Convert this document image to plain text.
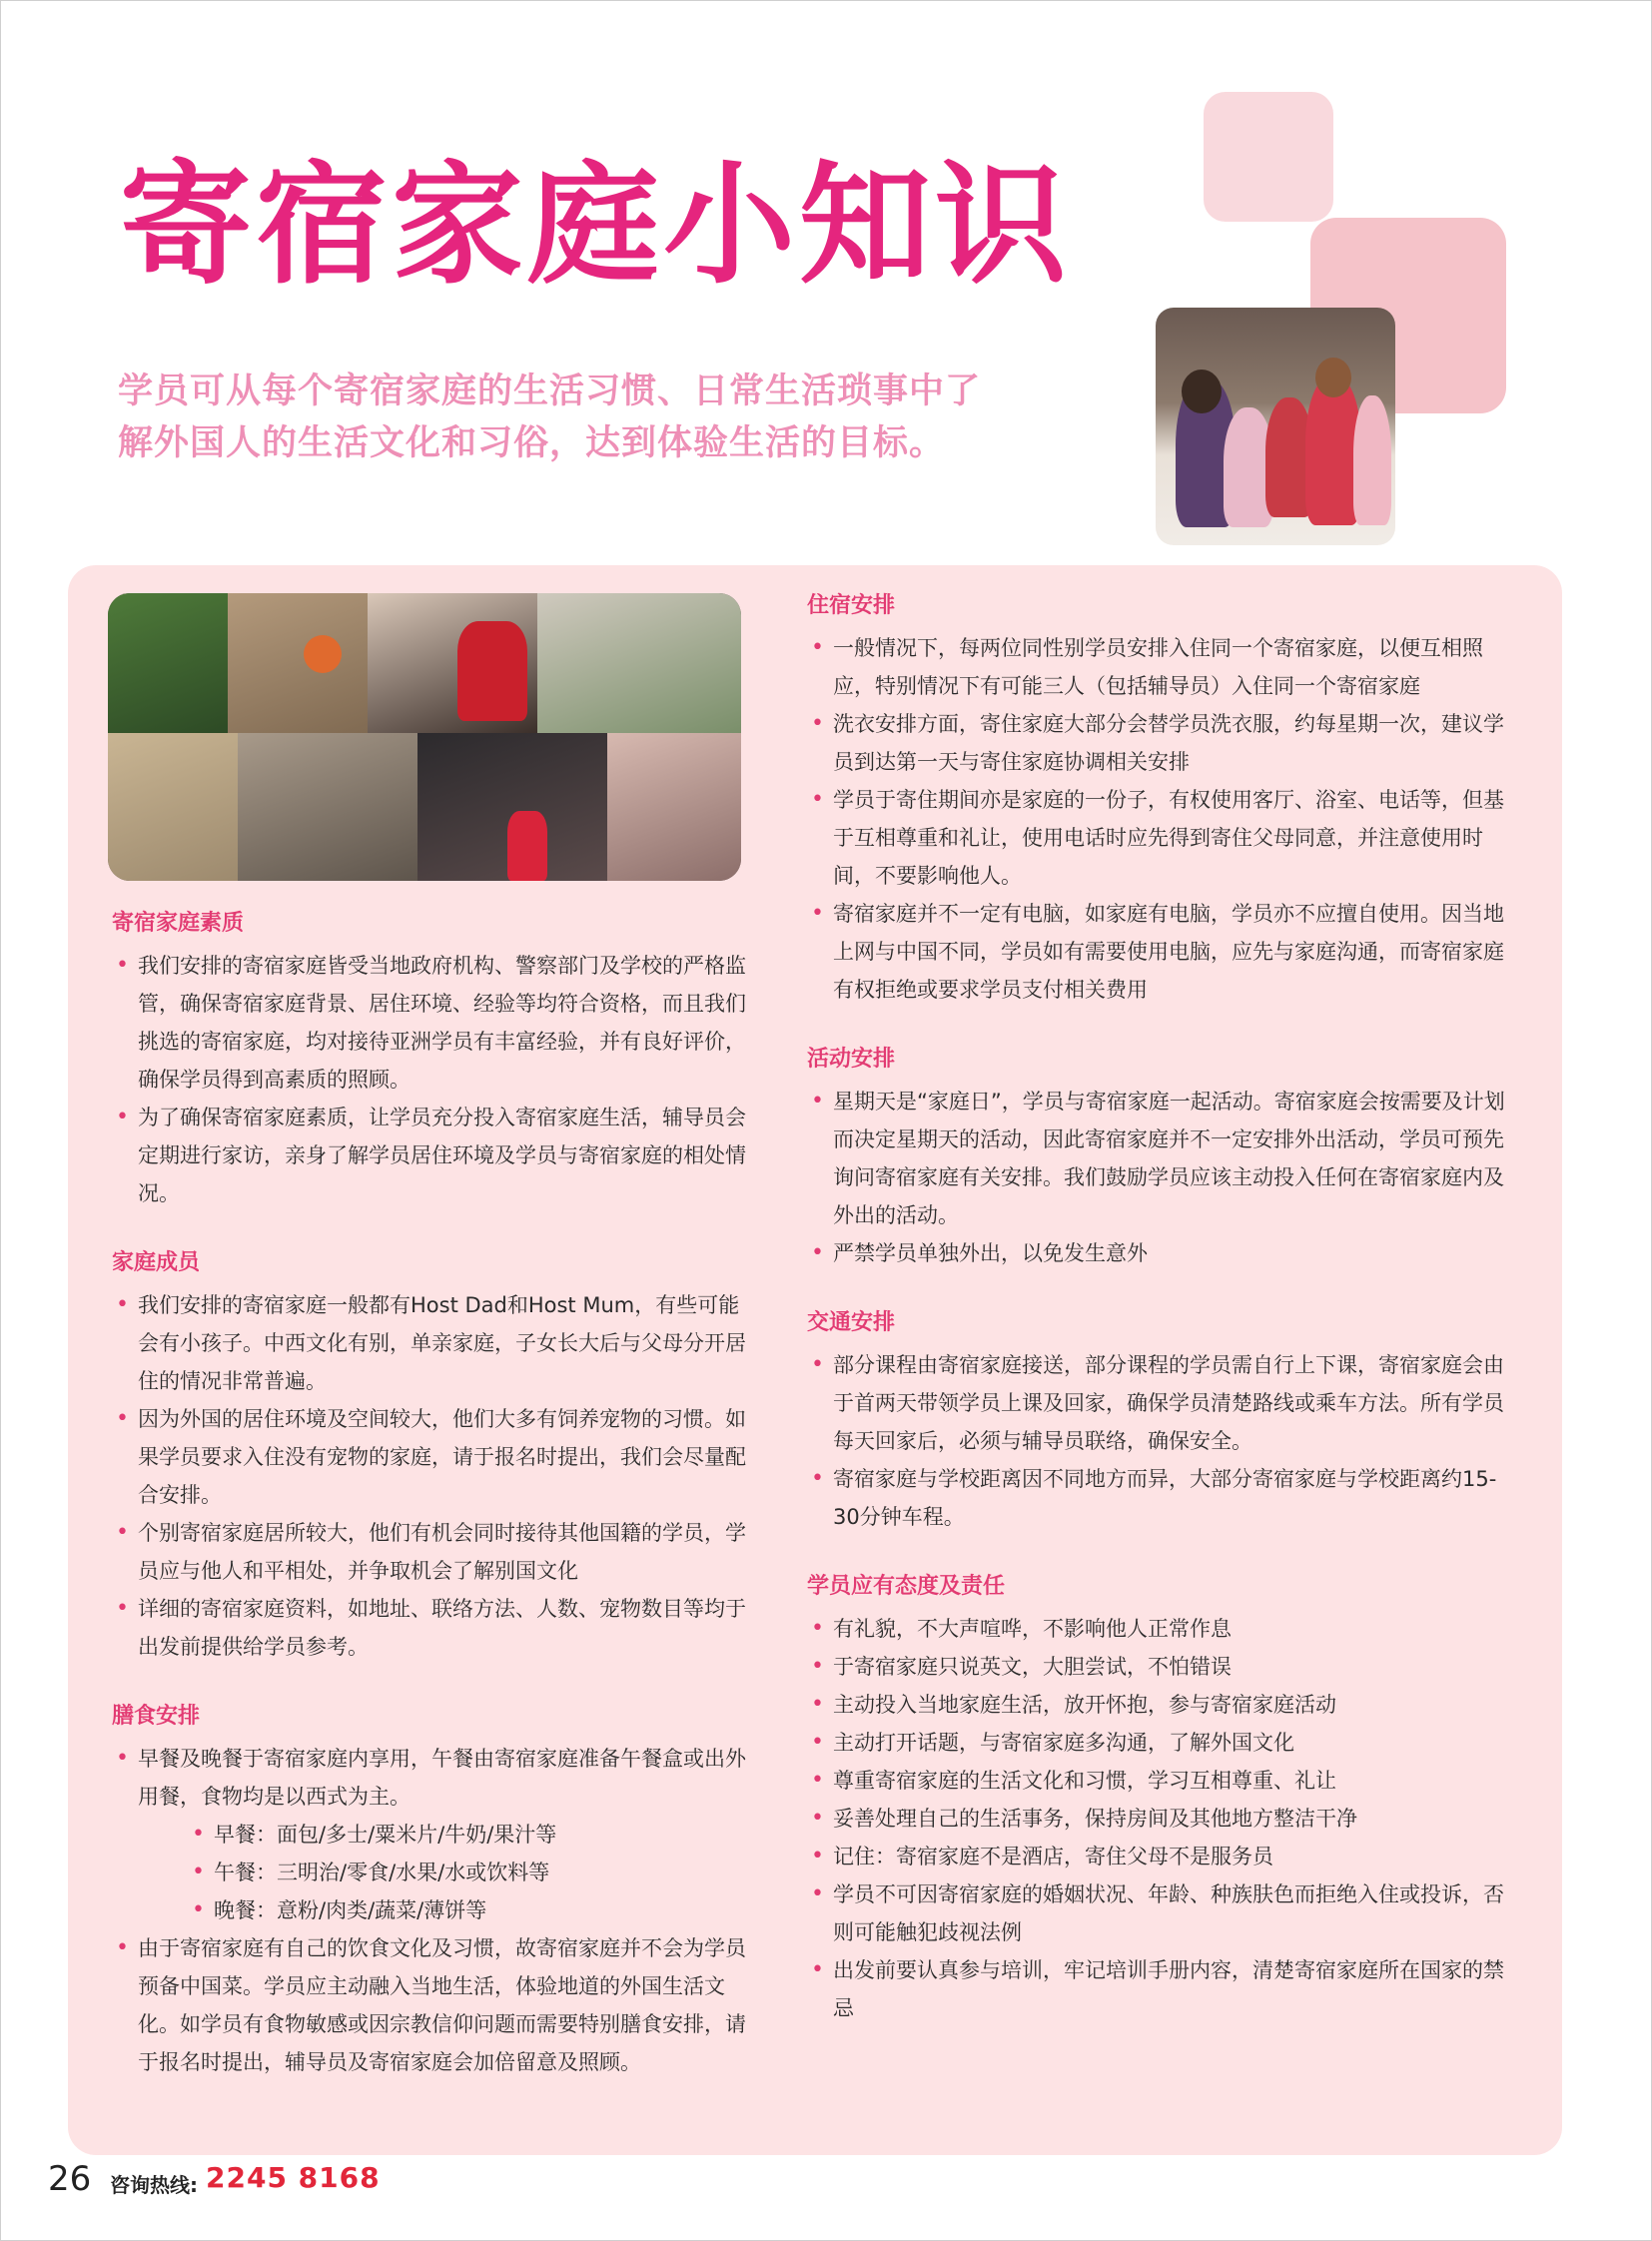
寄宿家庭小知识
学员可从每个寄宿家庭的生活习惯、日常生活琐事中了
解外国人的生活文化和习俗，达到体验生活的目标。
寄宿家庭素质
• 我们安排的寄宿家庭皆受当地政府机构、警察部门及学校的严格监管，确保寄宿家庭背景、居住环境、经验等均符合资格，而且我们挑选的寄宿家庭，均对接待亚洲学员有丰富经验，并有良好评价，确保学员得到高素质的照顾。
• 为了确保寄宿家庭素质，让学员充分投入寄宿家庭生活，辅导员会定期进行家访，亲身了解学员居住环境及学员与寄宿家庭的相处情况。
家庭成员
• 我们安排的寄宿家庭一般都有Host Dad和Host Mum，有些可能会有小孩子。中西文化有别，单亲家庭，子女长大后与父母分开居住的情况非常普遍。
• 因为外国的居住环境及空间较大，他们大多有饲养宠物的习惯。如果学员要求入住没有宠物的家庭，请于报名时提出，我们会尽量配合安排。
• 个别寄宿家庭居所较大，他们有机会同时接待其他国籍的学员，学员应与他人和平相处，并争取机会了解别国文化
• 详细的寄宿家庭资料，如地址、联络方法、人数、宠物数目等均于出发前提供给学员参考。
膳食安排
• 早餐及晚餐于寄宿家庭内享用，午餐由寄宿家庭准备午餐盒或出外用餐，食物均是以西式为主。
• 早餐：面包/多士/粟米片/牛奶/果汁等
• 午餐：三明治/零食/水果/水或饮料等
• 晚餐：意粉/肉类/蔬菜/薄饼等
• 由于寄宿家庭有自己的饮食文化及习惯，故寄宿家庭并不会为学员预备中国菜。学员应主动融入当地生活，体验地道的外国生活文化。如学员有食物敏感或因宗教信仰问题而需要特别膳食安排，请于报名时提出，辅导员及寄宿家庭会加倍留意及照顾。
住宿安排
• 一般情况下，每两位同性别学员安排入住同一个寄宿家庭，以便互相照应，特别情况下有可能三人（包括辅导员）入住同一个寄宿家庭
• 洗衣安排方面，寄住家庭大部分会替学员洗衣服，约每星期一次，建议学员到达第一天与寄住家庭协调相关安排
• 学员于寄住期间亦是家庭的一份子，有权使用客厅、浴室、电话等，但基于互相尊重和礼让，使用电话时应先得到寄住父母同意，并注意使用时间，不要影响他人。
• 寄宿家庭并不一定有电脑，如家庭有电脑，学员亦不应擅自使用。因当地上网与中国不同，学员如有需要使用电脑，应先与家庭沟通，而寄宿家庭有权拒绝或要求学员支付相关费用
活动安排
• 星期天是“家庭日”，学员与寄宿家庭一起活动。寄宿家庭会按需要及计划而决定星期天的活动，因此寄宿家庭并不一定安排外出活动，学员可预先询问寄宿家庭有关安排。我们鼓励学员应该主动投入任何在寄宿家庭内及外出的活动。
• 严禁学员单独外出，以免发生意外
交通安排
• 部分课程由寄宿家庭接送，部分课程的学员需自行上下课，寄宿家庭会由于首两天带领学员上课及回家，确保学员清楚路线或乘车方法。所有学员每天回家后，必须与辅导员联络，确保安全。
• 寄宿家庭与学校距离因不同地方而异，大部分寄宿家庭与学校距离约15-30分钟车程。
学员应有态度及责任
• 有礼貌，不大声喧哗，不影响他人正常作息
• 于寄宿家庭只说英文，大胆尝试，不怕错误
• 主动投入当地家庭生活，放开怀抱，参与寄宿家庭活动
• 主动打开话题，与寄宿家庭多沟通，了解外国文化
• 尊重寄宿家庭的生活文化和习惯，学习互相尊重、礼让
• 妥善处理自己的生活事务，保持房间及其他地方整洁干净
• 记住：寄宿家庭不是酒店，寄住父母不是服务员
• 学员不可因寄宿家庭的婚姻状况、年龄、种族肤色而拒绝入住或投诉，否则可能触犯歧视法例
• 出发前要认真参与培训，牢记培训手册内容，清楚寄宿家庭所在国家的禁忌
26 咨询热线: 2245 8168
